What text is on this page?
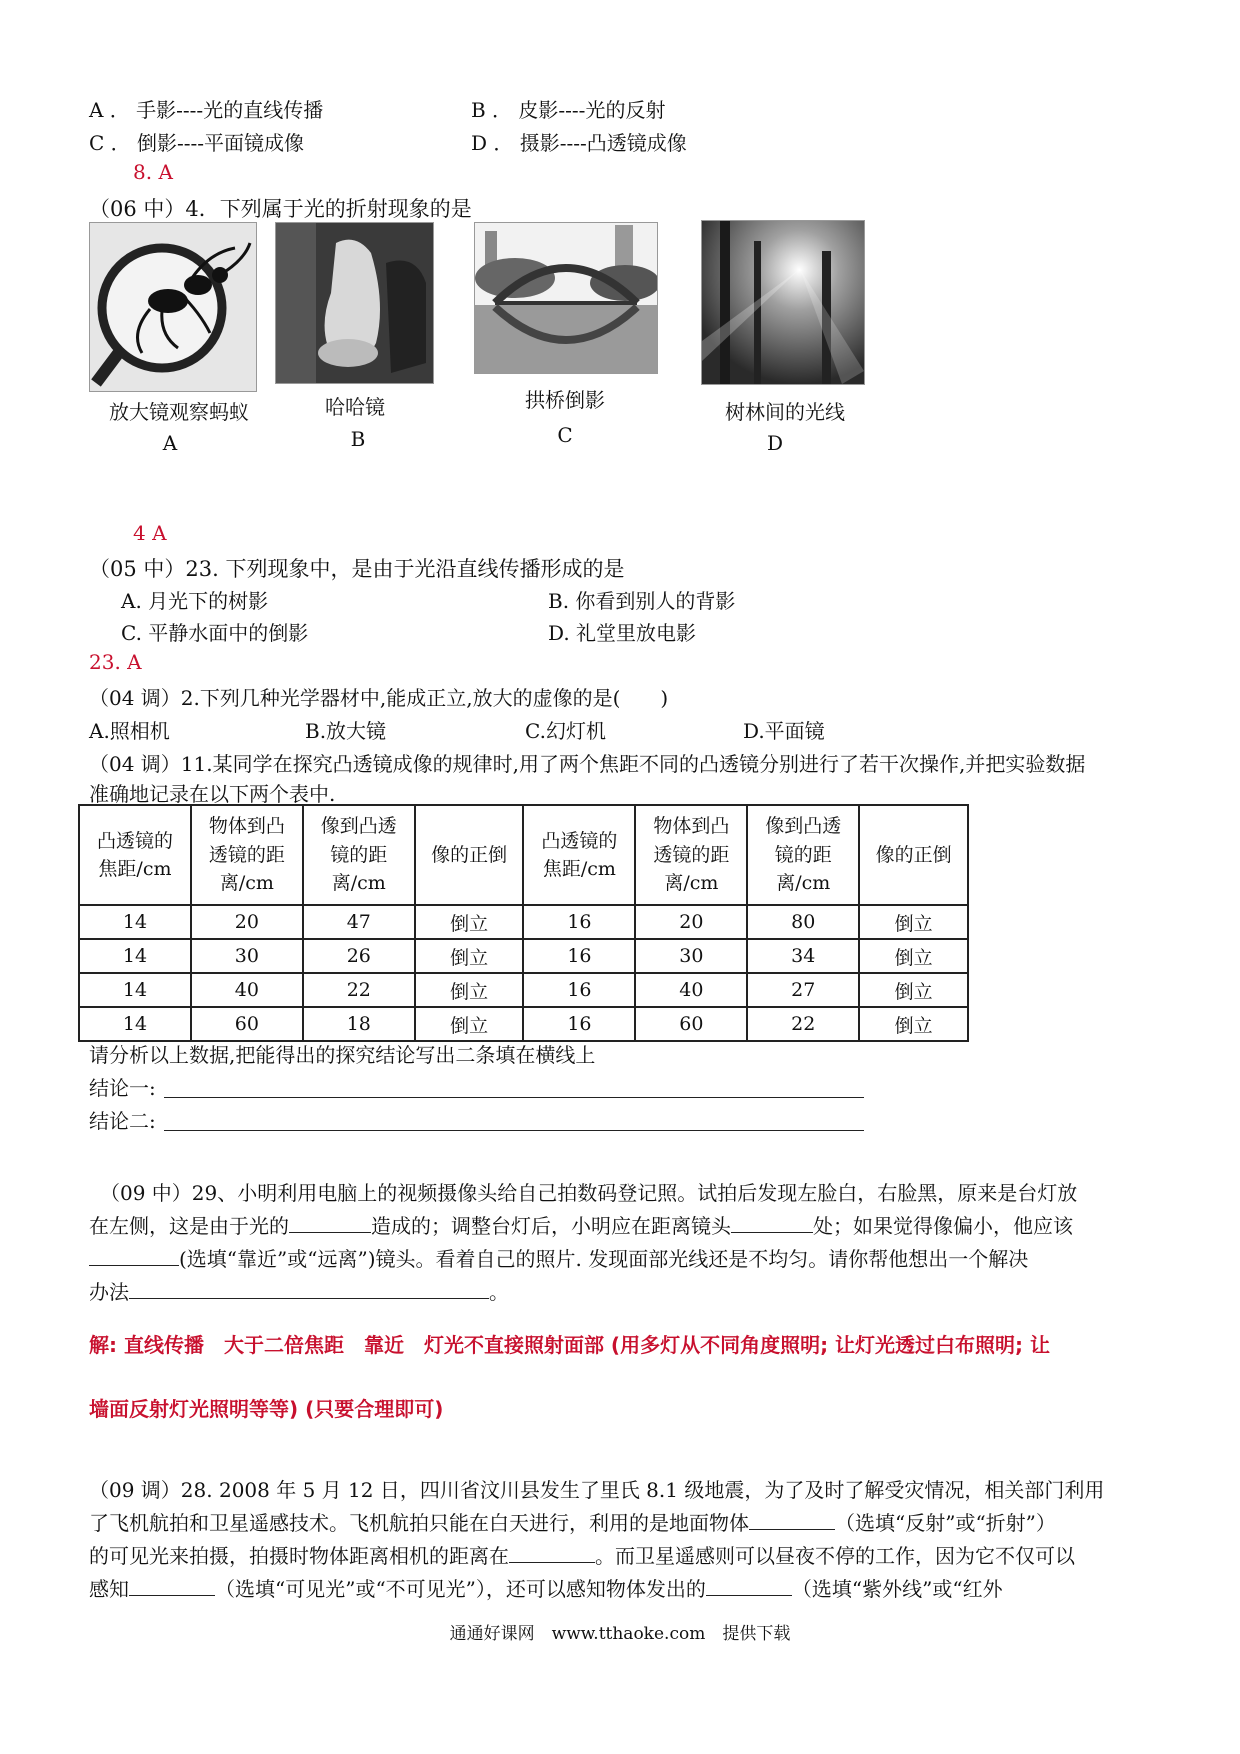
A ． 手影----光的直线传播	B ． 皮影----光的反射
C ． 倒影----平面镜成像	D ． 摄影----凸透镜成像
8. A
（06 中）4．下列属于光的折射现象的是
放大镜观察蚂蚁
A
哈哈镜
B
拱桥倒影
C
树林间的光线
D
4 A
（05 中）23. 下列现象中，是由于光沿直线传播形成的是
A. 月光下的树影	B. 你看到别人的背影
C. 平静水面中的倒影	D. 礼堂里放电影
23. A
（04 调）2.下列几种光学器材中,能成正立,放大的虚像的是(　　)
A.照相机	B.放大镜	C.幻灯机	D.平面镜
（04 调）11.某同学在探究凸透镜成像的规律时,用了两个焦距不同的凸透镜分别进行了若干次操作,并把实验数据
准确地记录在以下两个表中.
凸透镜的焦距/cm	物体到凸透镜的距离/cm	像到凸透镜的距离/cm	像的正倒	凸透镜的焦距/cm	物体到凸透镜的距离/cm	像到凸透镜的距离/cm	像的正倒

14	20	47	倒立	16	20	80	倒立
14	30	26	倒立	16	30	34	倒立
14	40	22	倒立	16	40	27	倒立
14	60	18	倒立	16	60	22	倒立
请分析以上数据,把能得出的探究结论写出二条填在横线上
结论一:
结论二:
（09 中）29、小明利用电脑上的视频摄像头给自己拍数码登记照。试拍后发现左脸白，右脸黑，原来是台灯放
在左侧，这是由于光的	造成的；调整台灯后，小明应在距离镜头	处；如果觉得像偏小，他应该
(选填“靠近”或“远离”)镜头。看着自己的照片. 发现面部光线还是不均匀。请你帮他想出一个解决
办法	。
解: 直线传播　大于二倍焦距　靠近　灯光不直接照射面部 (用多灯从不同角度照明; 让灯光透过白布照明; 让
墙面反射灯光照明等等) (只要合理即可)
（09 调）28. 2008 年 5 月 12 日，四川省汶川县发生了里氏 8.1 级地震，为了及时了解受灾情况，相关部门利用
了飞机航拍和卫星遥感技术。飞机航拍只能在白天进行，利用的是地面物体	（选填“反射”或“折射”）
的可见光来拍摄，拍摄时物体距离相机的距离在	。而卫星遥感则可以昼夜不停的工作，因为它不仅可以
感知	（选填“可见光”或“不可见光”），还可以感知物体发出的	（选填“紫外线”或“红外
通通好课网　www.tthaoke.com　提供下载
